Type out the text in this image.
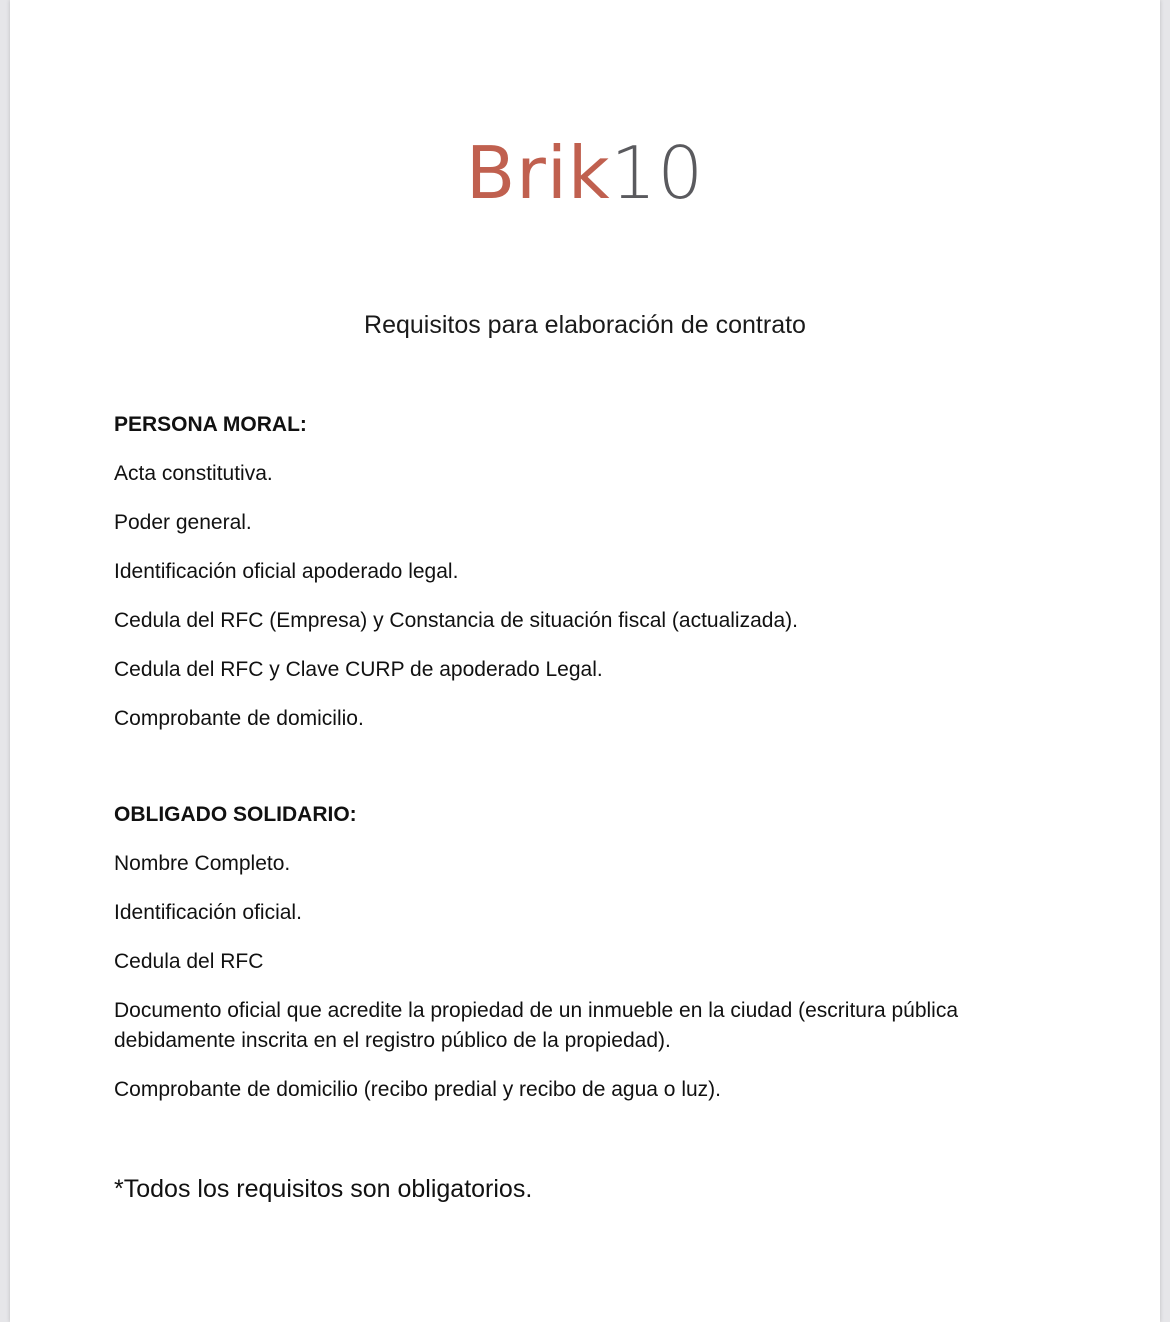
Brik10
Requisitos para elaboración de contrato

PERSONA MORAL:

Acta constitutiva.

Poder general.

Identificación oficial apoderado legal.

Cedula del RFC (Empresa) y Constancia de situación fiscal (actualizada).

Cedula del RFC y Clave CURP de apoderado Legal.

Comprobante de domicilio.

OBLIGADO SOLIDARIO:

Nombre Completo.

Identificación oficial.

Cedula del RFC

Documento oficial que acredite la propiedad de un inmueble en la ciudad (escritura pública debidamente inscrita en el registro público de la propiedad).

Comprobante de domicilio (recibo predial y recibo de agua o luz).

*Todos los requisitos son obligatorios.
